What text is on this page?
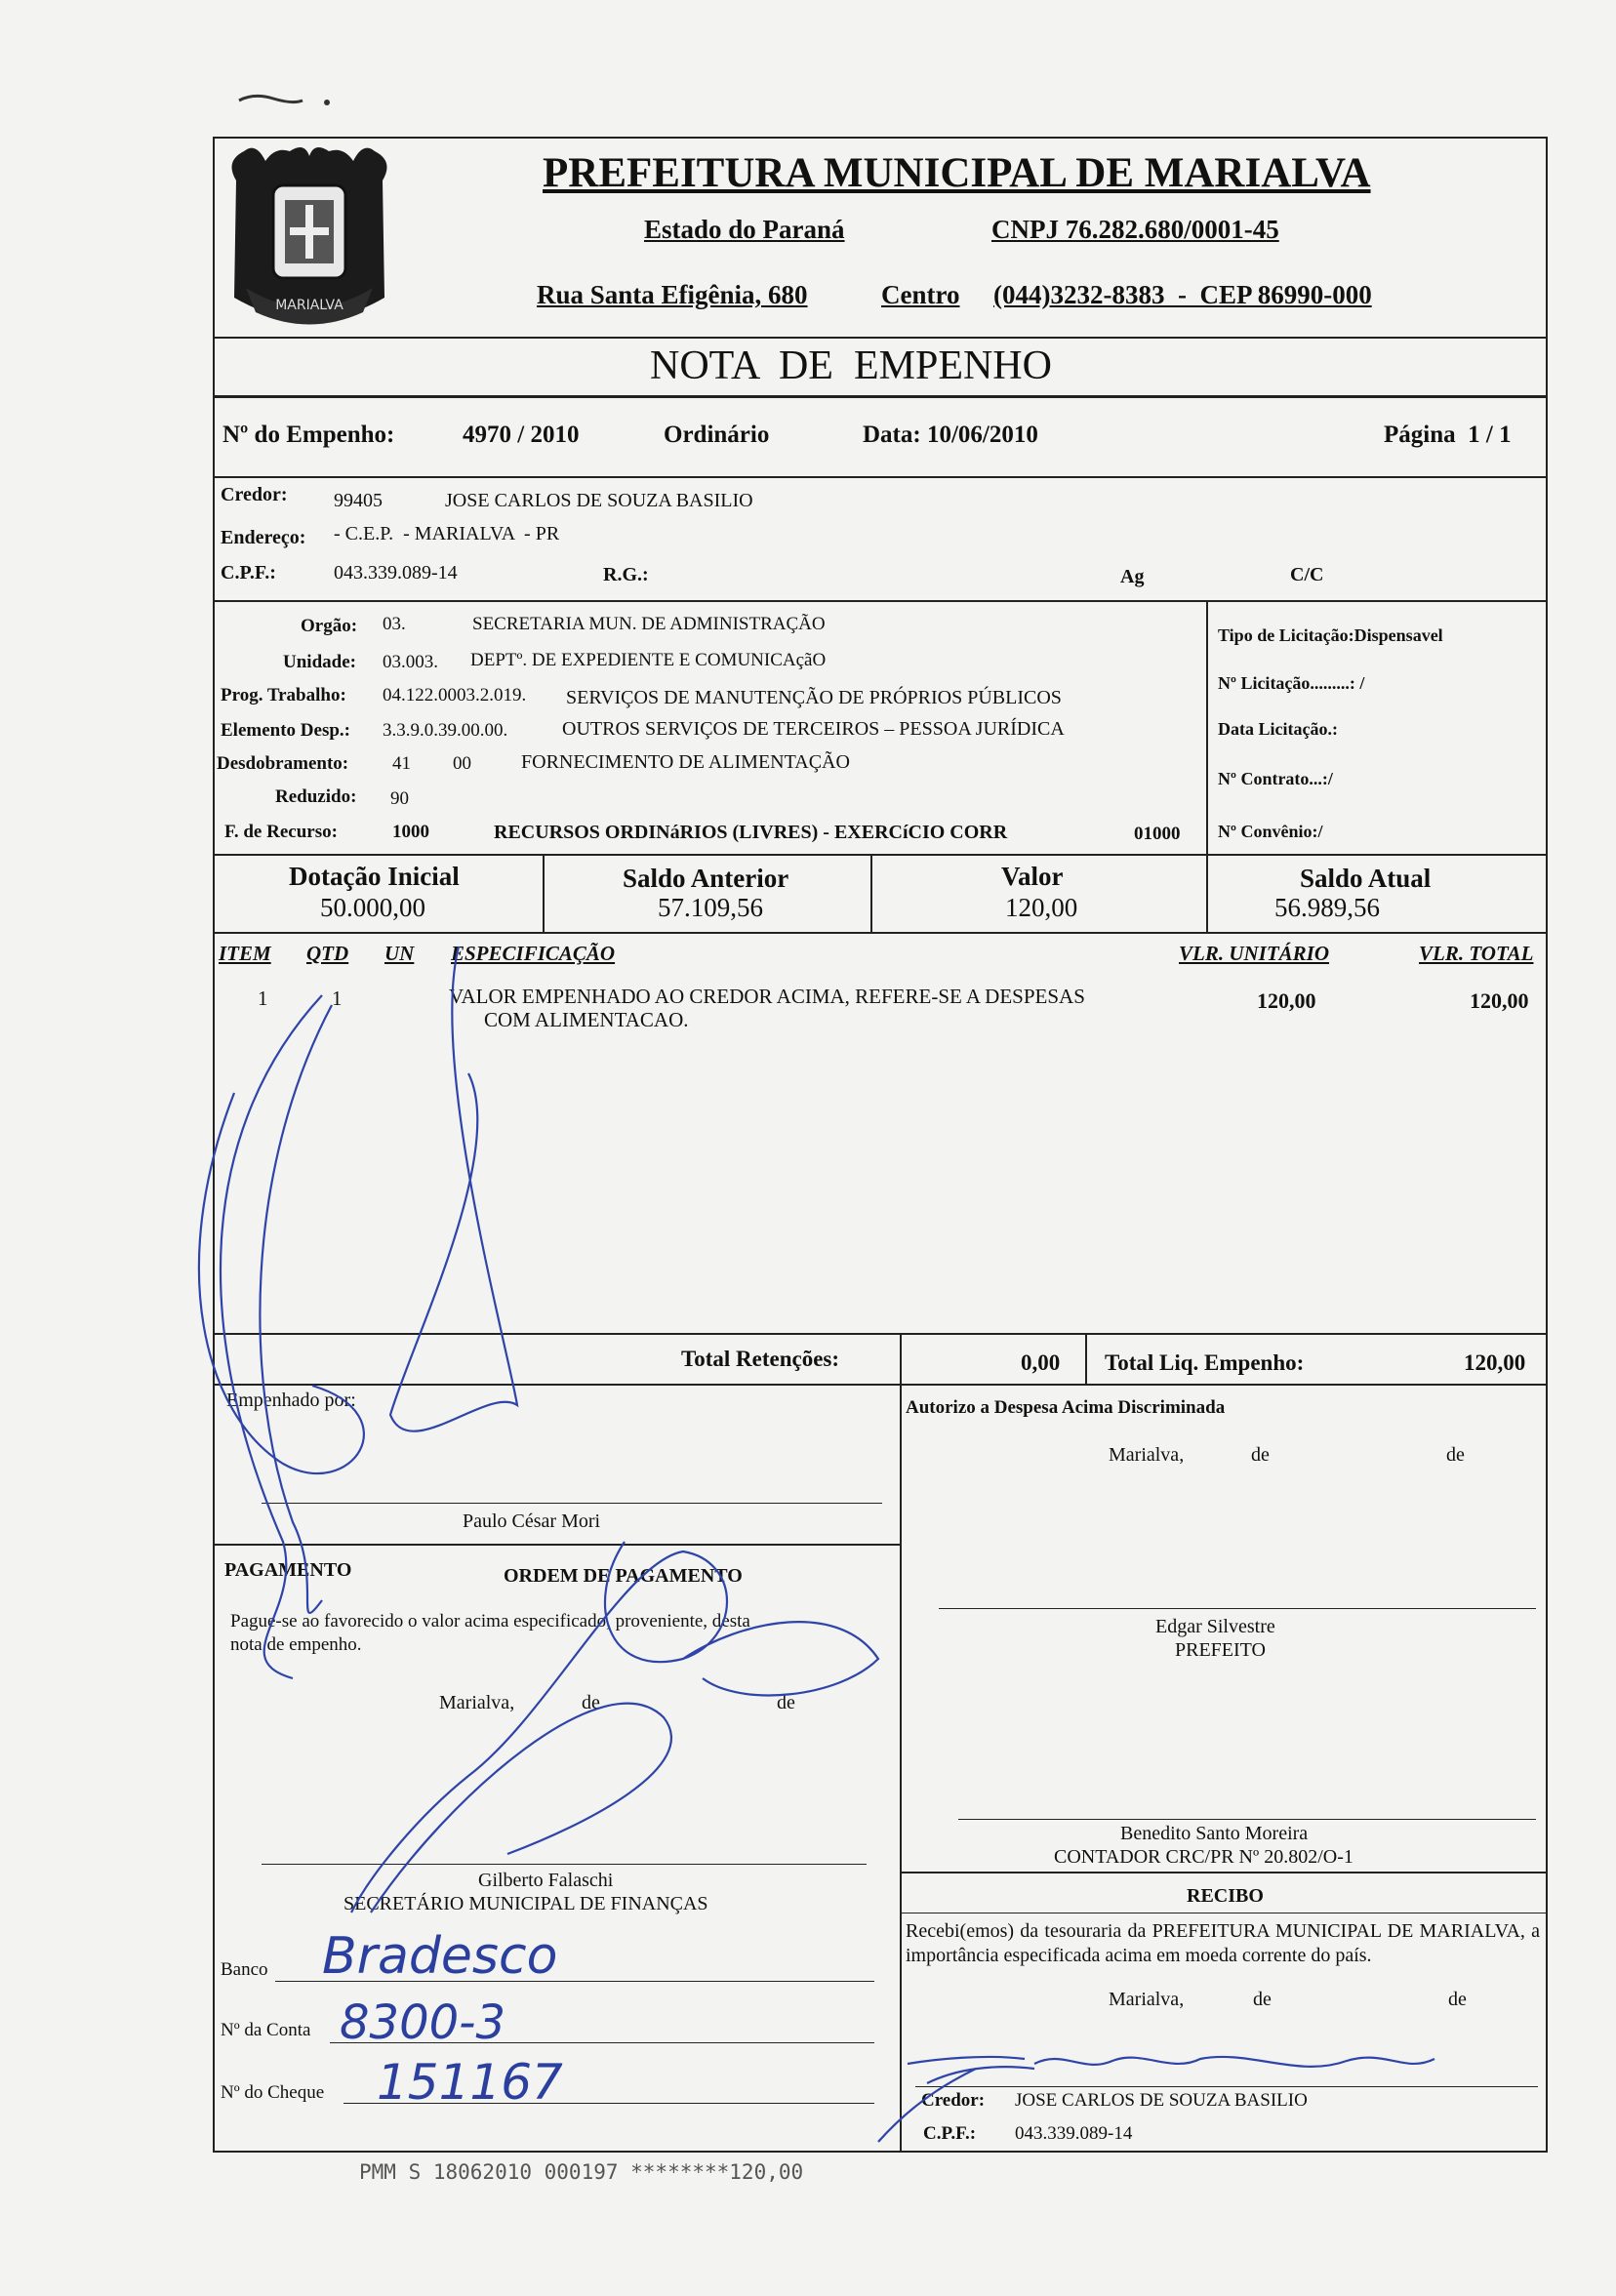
MARIALVA
PREFEITURA MUNICIPAL DE MARIALVA
Estado do Paraná	CNPJ 76.282.680/0001-45
Rua Santa Efigênia, 680	Centro (044)3232-8383  -  CEP 86990-000
NOTA  DE  EMPENHO
Nº do Empenho:	4970 / 2010	Ordinário	Data: 10/06/2010	Página  1 / 1
Credor: 99405	JOSE CARLOS DE SOUZA BASILIO
Endereço: - C.E.P.  - MARIALVA  - PR
C.P.F.:	043.339.089-14	R.G.:	Ag	C/C
Orgão: 03.	SECRETARIA MUN. DE ADMINISTRAÇÃO
Unidade: 03.003. DEPTº. DE EXPEDIENTE E COMUNICAçãO
Prog. Trabalho: 04.122.0003.2.019. SERVIÇOS DE MANUTENÇÃO DE PRÓPRIOS PÚBLICOS
Elemento Desp.: 3.3.9.0.39.00.00.	OUTROS SERVIÇOS DE TERCEIROS – PESSOA JURÍDICA
Desdobramento: 41 00	FORNECIMENTO DE ALIMENTAÇÃO
Reduzido: 90
F. de Recurso:	1000	RECURSOS ORDINáRIOS (LIVRES) - EXERCíCIO CORR	01000
Tipo de Licitação:Dispensavel
Nº Licitação.........: /
Data Licitação.:
Nº Contrato...:/
Nº Convênio:/
Dotação Inicial
50.000,00
Saldo Anterior
57.109,56
Valor
120,00
Saldo Atual
56.989,56
ITEM QTD UN ESPECIFICAÇÃO	VLR. UNITÁRIO	VLR. TOTAL
1	1	VALOR EMPENHADO AO CREDOR ACIMA, REFERE-SE A DESPESAS
COM ALIMENTACAO.
120,00	120,00
Total Retenções:	0,00 Total Liq. Empenho:	120,00
Empenhado por:
Paulo César Mori
PAGAMENTO	ORDEM DE PAGAMENTO
Pague-se ao favorecido o valor acima especificado, proveniente, desta
nota de empenho.
Marialva,	de	de
Gilberto Falaschi
SECRETÁRIO MUNICIPAL DE FINANÇAS
Banco
Nº da Conta
Nº do Cheque
Bradesco
8300-3
151167
Autorizo a Despesa Acima Discriminada
Marialva,	de	de
Edgar Silvestre
PREFEITO
Benedito Santo Moreira
CONTADOR CRC/PR Nº 20.802/O-1
RECIBO
Recebi(emos) da tesouraria da PREFEITURA MUNICIPAL DE MARIALVA, a importância especificada acima em moeda corrente do país.
Marialva,	de	de
Credor: JOSE CARLOS DE SOUZA BASILIO
C.P.F.: 043.339.089-14
PMM S 18062010 000197 ********120,00
